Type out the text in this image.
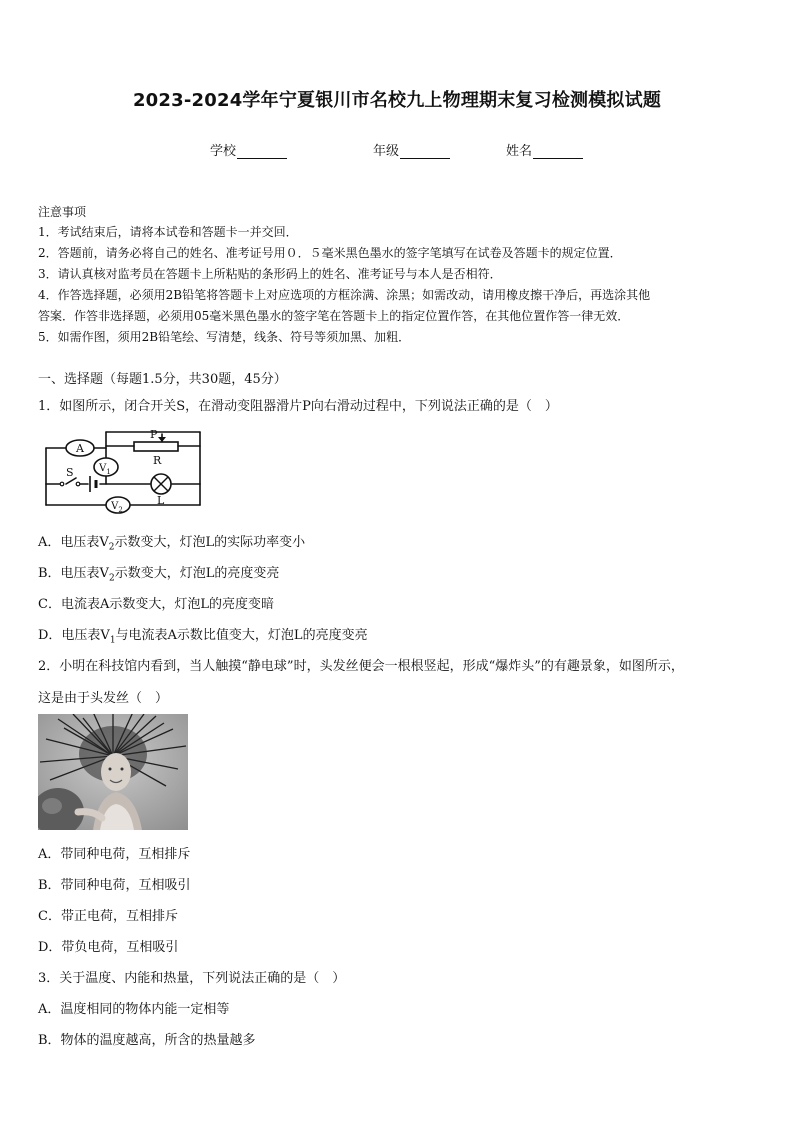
2023-2024学年宁夏银川市名校九上物理期末复习检测模拟试题
学校	年级	姓名
注意事项
1．考试结束后，请将本试卷和答题卡一并交回．
2．答题前，请务必将自己的姓名、准考证号用０．５毫米黑色墨水的签字笔填写在试卷及答题卡的规定位置．
3．请认真核对监考员在答题卡上所粘贴的条形码上的姓名、准考证号与本人是否相符．
4．作答选择题，必须用2B铅笔将答题卡上对应选项的方框涂满、涂黑；如需改动，请用橡皮擦干净后，再选涂其他
答案．作答非选择题，必须用05毫米黑色墨水的签字笔在答题卡上的指定位置作答，在其他位置作答一律无效．
5．如需作图，须用2B铅笔绘、写清楚，线条、符号等须加黑、加粗．
一、选择题（每题1.5分，共30题，45分）
1．如图所示，闭合开关S，在滑动变阻器滑片P向右滑动过程中，下列说法正确的是（　）
A
$V_1$
$V_2$
P
R
S
L
A．电压表$V_2$示数变大，灯泡L的实际功率变小
B．电压表$V_2$示数变大，灯泡L的亮度变亮
C．电流表A示数变大，灯泡L的亮度变暗
D．电压表$V_1$与电流表A示数比值变大，灯泡L的亮度变亮
2．小明在科技馆内看到，当人触摸“静电球”时，头发丝便会一根根竖起，形成“爆炸头”的有趣景象，如图所示，
这是由于头发丝（　）
A．带同种电荷，互相排斥
B．带同种电荷，互相吸引
C．带正电荷，互相排斥
D．带负电荷，互相吸引
3．关于温度、内能和热量，下列说法正确的是（　）
A．温度相同的物体内能一定相等
B．物体的温度越高，所含的热量越多
